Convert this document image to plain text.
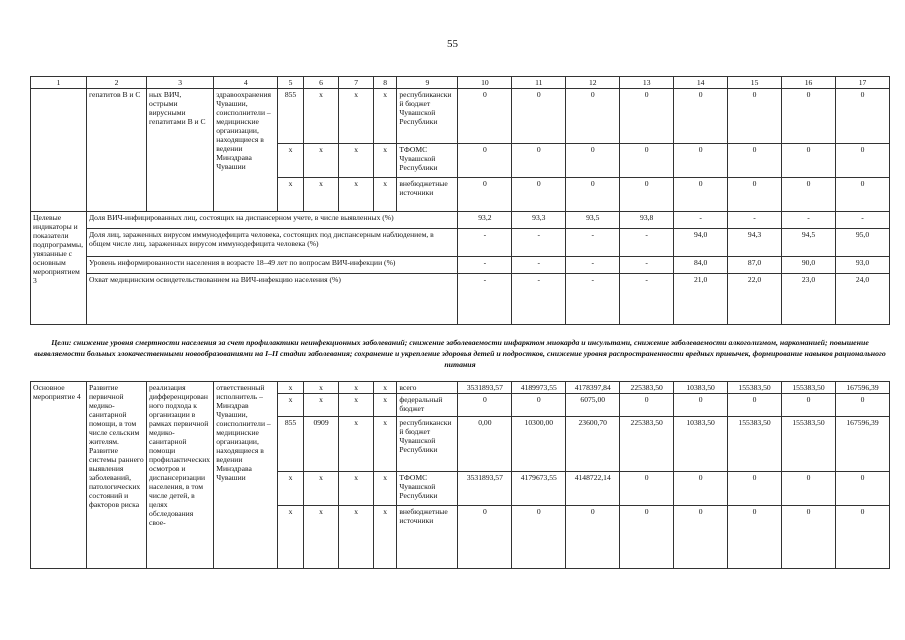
55
1	2	3	4	5	6	7	8	9	10	11	12	13	14	15	16	17
	гепатитов В и С	ных ВИЧ, острыми вирусными гепатитами В и С	здравоохранения Чувашии, соисполнители – медицинские организации, находящиеся в ведении Минздрава Чувашии	855	x	x	x	республиканский бюджет Чувашской Республики	0	0	0	0	0	0	0	0
				x	x	x	x	ТФОМС Чувашской Республики	0	0	0	0	0	0	0	0
				x	x	x	x	внебюджетные источники	0	0	0	0	0	0	0	0
Целевые индикаторы и показатели подпрограммы, увязанные с основным мероприятием 3	Доля ВИЧ-инфицированных лиц, состоящих на диспансерном учете, в числе выявленных (%)								93,2	93,3	93,5	93,8	-	-	-	-
	Доля лиц, зараженных вирусом иммунодефицита человека, состоящих под диспансерным наблюдением, в общем числе лиц, зараженных вирусом иммунодефицита человека (%)								-	-	-	-	94,0	94,3	94,5	95,0
	Уровень информированности населения в возрасте 18–49 лет по вопросам ВИЧ-инфекции (%)								-	-	-	-	84,0	87,0	90,0	93,0
	Охват медицинским освидетельствованием на ВИЧ-инфекцию населения (%)								-	-	-	-	21,0	22,0	23,0	24,0
Цели: снижение уровня смертности населения за счет профилактики неинфекционных заболеваний; снижение заболеваемости инфарктом миокарда и инсультами, снижение заболеваемости алкоголизмом, наркоманией; повышение выявляемости больных злокачественными новообразованиями на I–II стадии заболевания; сохранение и укрепление здоровья детей и подростков, снижение уровня распространенности вредных привычек, формирование навыков рационального питания
Основное мероприятие 4	Развитие первичной медико-санитарной помощи, в том числе сельским жителям. Развитие системы раннего выявления заболеваний, патологических состояний и факторов риска	реализация дифференцированного подхода к организации в рамках первичной медико-санитарной помощи профилактических осмотров и диспансеризации населения, в том числе детей, в целях обследования свое-	ответственный исполнитель – Минздрав Чувашии, соисполнители – медицинские организации, находящиеся в ведении Минздрава Чувашии	x	x	x	x	всего	3531893,57	4189973,55	4178397,84	225383,50	10383,50	155383,50	155383,50	167596,39
				x	x	x	x	федеральный бюджет	0	0	6075,00	0	0	0	0	0
				855	0909	x	x	республиканский бюджет Чувашской Республики	0,00	10300,00	23600,70	225383,50	10383,50	155383,50	155383,50	167596,39
				x	x	x	x	ТФОМС Чувашской Республики	3531893,57	4179673,55	4148722,14	0	0	0	0	0
				x	x	x	x	внебюджетные источники	0	0	0	0	0	0	0	0
